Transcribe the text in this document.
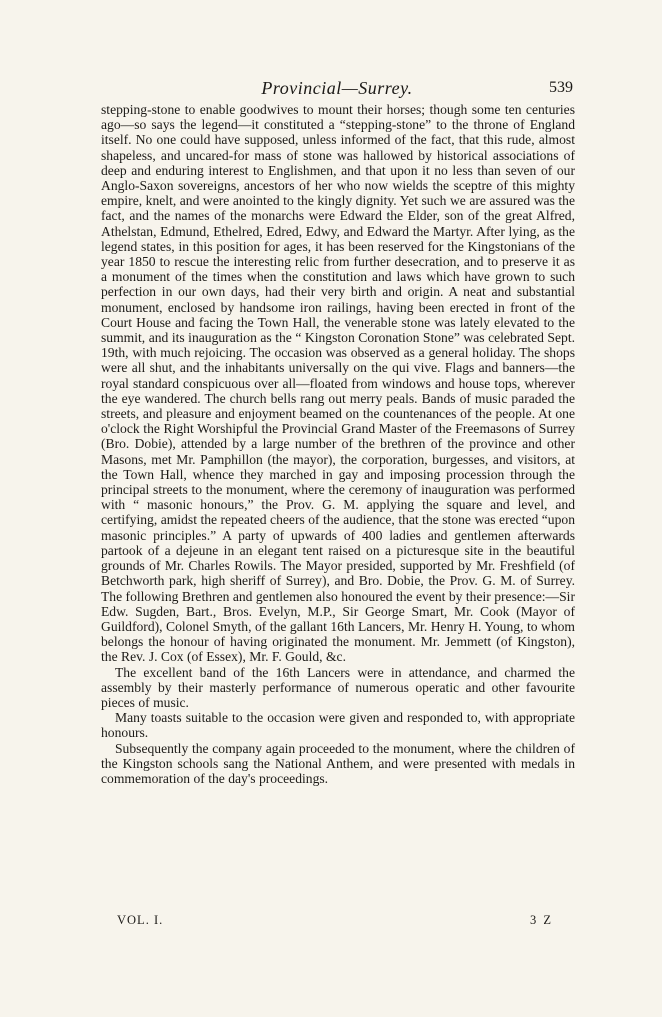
Provincial—Surrey.	539

stepping-stone to enable goodwives to mount their horses; though some ten centuries ago—so says the legend—it constituted a “stepping-stone” to the throne of England itself. No one could have supposed, unless informed of the fact, that this rude, almost shapeless, and uncared-for mass of stone was hallowed by historical associations of deep and enduring interest to Englishmen, and that upon it no less than seven of our Anglo-Saxon sovereigns, ancestors of her who now wields the sceptre of this mighty empire, knelt, and were anointed to the kingly dignity. Yet such we are assured was the fact, and the names of the monarchs were Edward the Elder, son of the great Alfred, Athelstan, Edmund, Ethelred, Edred, Edwy, and Edward the Martyr. After lying, as the legend states, in this position for ages, it has been reserved for the Kingstonians of the year 1850 to rescue the interesting relic from further desecration, and to preserve it as a monument of the times when the constitution and laws which have grown to such perfection in our own days, had their very birth and origin. A neat and substantial monument, enclosed by handsome iron railings, having been erected in front of the Court House and facing the Town Hall, the venerable stone was lately elevated to the summit, and its inauguration as the “ Kingston Coronation Stone” was celebrated Sept. 19th, with much rejoicing. The occasion was observed as a general holiday. The shops were all shut, and the inhabitants universally on the qui vive. Flags and banners—the royal standard conspicuous over all—floated from windows and house tops, wherever the eye wandered. The church bells rang out merry peals. Bands of music paraded the streets, and pleasure and enjoyment beamed on the countenances of the people. At one o'clock the Right Worshipful the Provincial Grand Master of the Freemasons of Surrey (Bro. Dobie), attended by a large number of the brethren of the province and other Masons, met Mr. Pamphillon (the mayor), the corporation, burgesses, and visitors, at the Town Hall, whence they marched in gay and imposing procession through the principal streets to the monument, where the ceremony of inauguration was performed with “ masonic honours,” the Prov. G. M. applying the square and level, and certifying, amidst the repeated cheers of the audience, that the stone was erected “upon masonic principles.” A party of upwards of 400 ladies and gentlemen afterwards partook of a dejeune in an elegant tent raised on a picturesque site in the beautiful grounds of Mr. Charles Rowils. The Mayor presided, supported by Mr. Freshfield (of Betchworth park, high sheriff of Surrey), and Bro. Dobie, the Prov. G. M. of Surrey. The following Brethren and gentlemen also honoured the event by their presence:—Sir Edw. Sugden, Bart., Bros. Evelyn, M.P., Sir George Smart, Mr. Cook (Mayor of Guildford), Colonel Smyth, of the gallant 16th Lancers, Mr. Henry H. Young, to whom belongs the honour of having originated the monument. Mr. Jemmett (of Kingston), the Rev. J. Cox (of Essex), Mr. F. Gould, &c.

The excellent band of the 16th Lancers were in attendance, and charmed the assembly by their masterly performance of numerous operatic and other favourite pieces of music.

Many toasts suitable to the occasion were given and responded to, with appropriate honours.

Subsequently the company again proceeded to the monument, where the children of the Kingston schools sang the National Anthem, and were presented with medals in commemoration of the day's proceedings.

VOL. I.	3 Z
